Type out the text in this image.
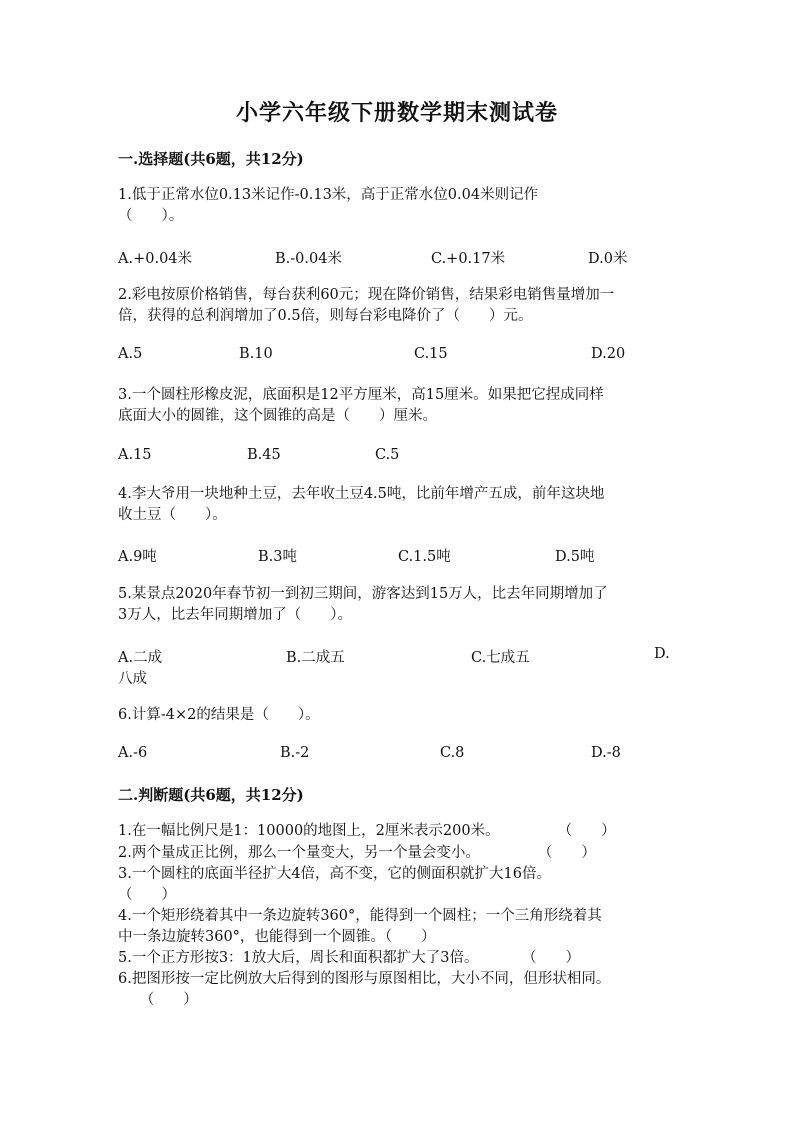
小学六年级下册数学期末测试卷
一.选择题(共6题，共12分)
1.低于正常水位0.13米记作-0.13米，高于正常水位0.04米则记作
（　　）。
A.+0.04米	B.-0.04米	C.+0.17米	D.0米
2.彩电按原价格销售，每台获利60元；现在降价销售，结果彩电销售量增加一
倍，获得的总利润增加了0.5倍，则每台彩电降价了（　　）元。
A.5	B.10	C.15	D.20
3.一个圆柱形橡皮泥，底面积是12平方厘米，高15厘米。如果把它捏成同样
底面大小的圆锥，这个圆锥的高是（　　）厘米。
A.15	B.45	C.5
4.李大爷用一块地种土豆，去年收土豆4.5吨，比前年增产五成，前年这块地
收土豆（　　）。
A.9吨	B.3吨	C.1.5吨	D.5吨
5.某景点2020年春节初一到初三期间，游客达到15万人，比去年同期增加了
3万人，比去年同期增加了（　　）。
A.二成	B.二成五	C.七成五	D.
八成
6.计算-4×2的结果是（　　）。
A.-6	B.-2	C.8	D.-8
二.判断题(共6题，共12分)
1.在一幅比例尺是1：10000的地图上，2厘米表示200米。　　　　　（　　）
2.两个量成正比例，那么一个量变大，另一个量会变小。　　　　　（　　）
3.一个圆柱的底面半径扩大4倍，高不变，它的侧面积就扩大16倍。
（　　）
4.一个矩形绕着其中一条边旋转360°，能得到一个圆柱；一个三角形绕着其
中一条边旋转360°，也能得到一个圆锥。（　　）
5.一个正方形按3：1放大后，周长和面积都扩大了3倍。　　　　（　　）
6.把图形按一定比例放大后得到的图形与原图相比，大小不同，但形状相同。
　　（　　）
